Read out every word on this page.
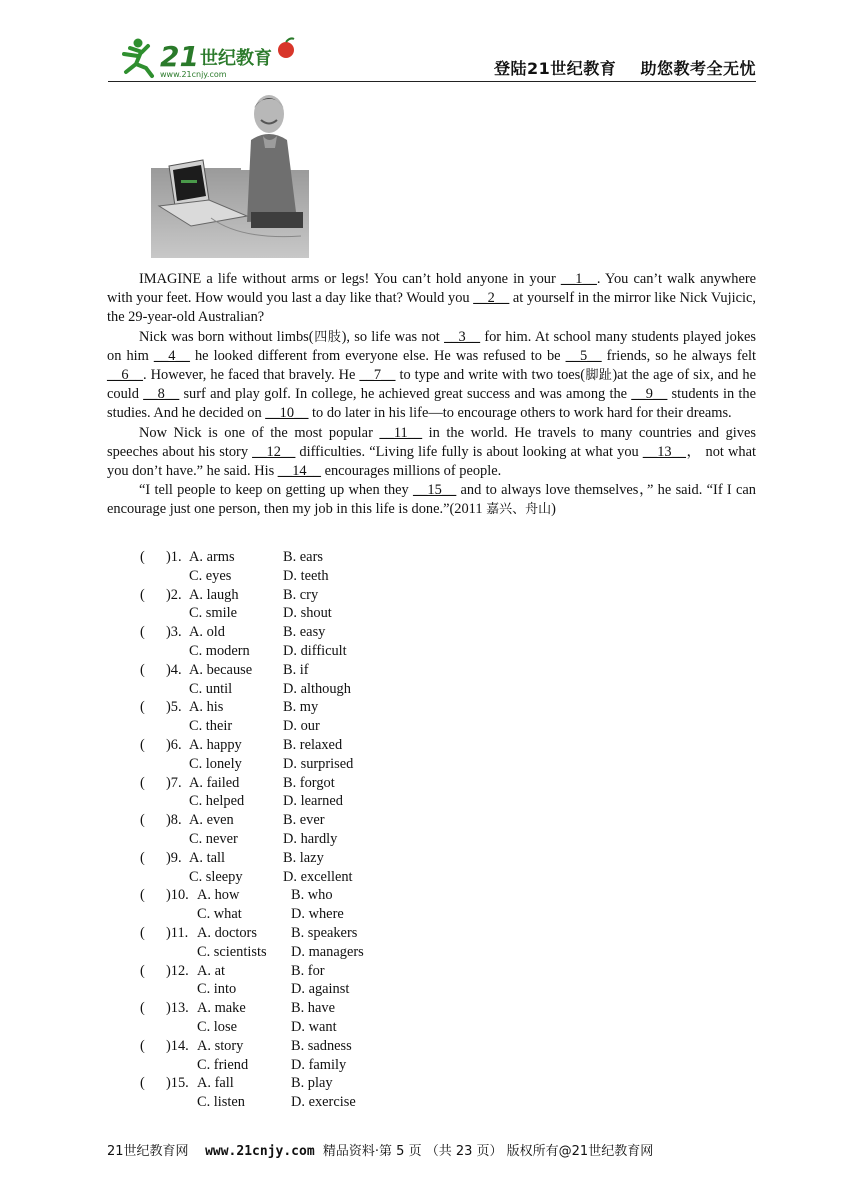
21 世纪教育
www.21cnjy.com	登陆21世纪教育    助您教考全无忧

IMAGINE a life without arms or legs! You can’t hold anyone in your __1__. You can’t walk anywhere with your feet. How would you last a day like that? Would you __2__ at yourself in the mirror like Nick Vujicic, the 29-year-old Australian?

Nick was born without limbs(四肢), so life was not __3__ for him. At school many students played jokes on him __4__ he looked different from everyone else. He was refused to be __5__ friends, so he always felt __6__. However, he faced that bravely. He __7__ to type and write with two toes(脚趾)at the age of six, and he could __8__ surf and play golf. In college, he achieved great success and was among the __9__ students in the studies. And he decided on __10__ to do later in his life—to encourage others to work hard for their dreams.

Now Nick is one of the most popular __11__ in the world. He travels to many countries and gives speeches about his story __12__ difficulties. “Living life fully is about looking at what you __13__， not what you don’t have.” he said. His __14__ encourages millions of people.

“I tell people to keep on getting up when they __15__ and to always love themselves，” he said. “If I can encourage just one person, then my job in this life is done.”(2011 嘉兴、舟山)

( )1. A. arms	B. ears
C. eyes	D. teeth
( )2. A. laugh	B. cry
C. smile	D. shout
( )3. A. old	B. easy
C. modern D. difficult
( )4. A. because B. if
C. until	D. although
( )5. A. his	B. my
C. their	D. our
( )6. A. happy	B. relaxed
C. lonely	D. surprised
( )7. A. failed	B. forgot
C. helped	D. learned
( )8. A. even	B. ever
C. never	D. hardly
( )9. A. tall	B. lazy
C. sleepy	D. excellent
( )10. A. how	B. who
C. what	D. where
( )11. A. doctors B. speakers
C. scientists D. managers
( )12. A. at	B. for
C. into	D. against
( )13. A. make	B. have
C. lose	D. want
( )14. A. story	B. sadness
C. friend	D. family
( )15. A. fall	B. play
C. listen	D. exercise
21世纪教育网 www.21cnjy.com 精品资料·第 5 页 （共 23 页） 版权所有@21世纪教育网
